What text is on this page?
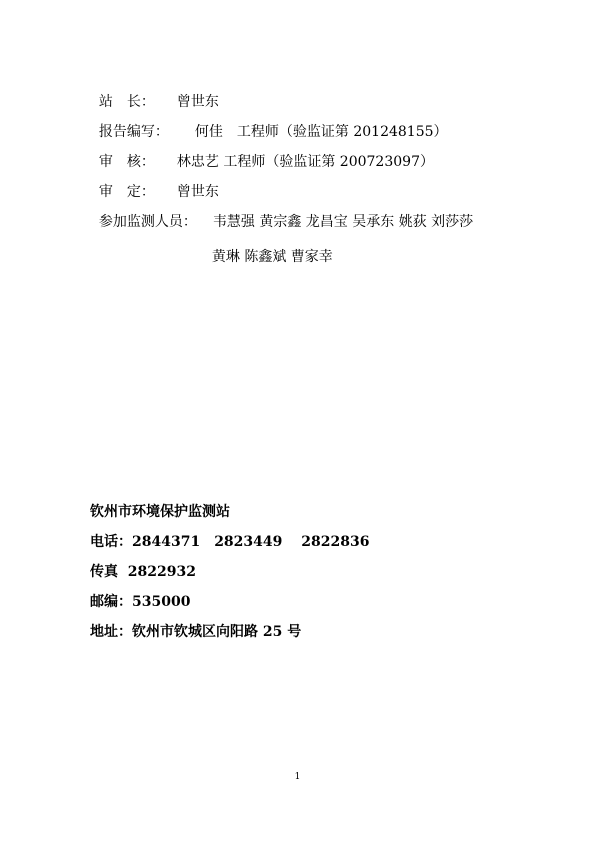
站　长： 曾世东

报告编写： 何佳　工程师（验监证第 201248155）

审　核： 林忠艺 工程师（验监证第 200723097）

审　定： 曾世东

参加监测人员： 韦慧强 黄宗鑫 龙昌宝 吴承东 姚荻 刘莎莎

黄琳 陈鑫斌 曹家幸

钦州市环境保护监测站

电话：2844371　2823449　 2822836

传真  2822932

邮编：535000

地址：钦州市钦城区向阳路 25 号

1
